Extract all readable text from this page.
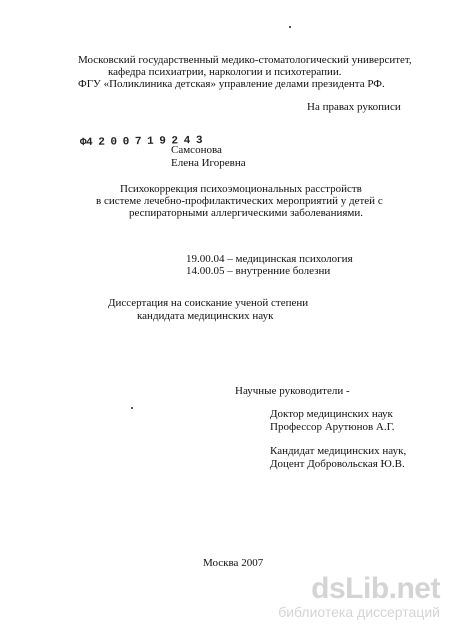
Московский государственный медико-стоматологический университет,
кафедра психиатрии, наркологии и психотерапии.
ФГУ «Поликлиника детская» управление делами президента РФ.
На правах рукописи
Ф4 2 0 0 7 1 9 2 4 3
Самсонова
Елена Игоревна
Психокоррекция психоэмоциональных расстройств
в системе лечебно-профилактических мероприятий у детей с
респираторными аллергическими заболеваниями.
19.00.04 – медицинская психология
14.00.05 – внутренние болезни
Диссертация на соискание ученой степени
кандидата медицинских наук
Научные руководители -
Доктор медицинских наук
Профессор Арутюнов А.Г.
Кандидат медицинских наук,
Доцент Добровольская Ю.В.
Москва 2007
dsLib.net
библиотека диссертаций
